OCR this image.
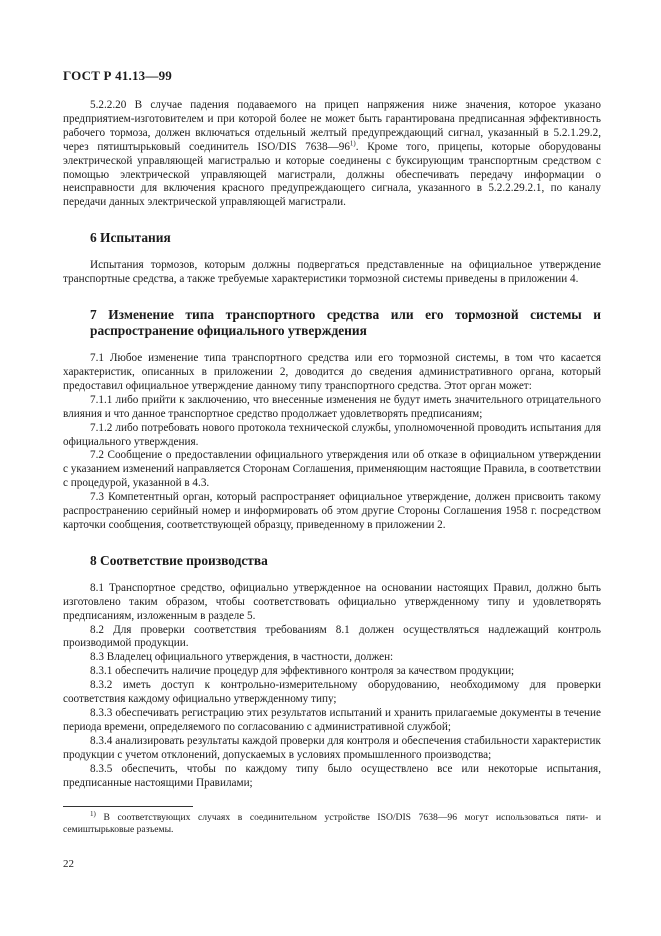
ГОСТ Р 41.13—99

5.2.2.20 В случае падения подаваемого на прицеп напряжения ниже значения, которое указано предприятием-изготовителем и при которой более не может быть гарантирована предписанная эффективность рабочего тормоза, должен включаться отдельный желтый предупреждающий сигнал, указанный в 5.2.1.29.2, через пятиштырьковый соединитель ISO/DIS 7638—96$^{1)}$. Кроме того, прицепы, которые оборудованы электрической управляющей магистралью и которые соединены с буксирующим транспортным средством с помощью электрической управляющей магистрали, должны обеспечивать передачу информации о неисправности для включения красного предупреждающего сигнала, указанного в 5.2.2.29.2.1, по каналу передачи данных электрической управляющей магистрали.

6 Испытания

Испытания тормозов, которым должны подвергаться представленные на официальное утверждение транспортные средства, а также требуемые характеристики тормозной системы приведены в приложении 4.

7 Изменение типа транспортного средства или его тормозной системы и распространение официального утверждения

7.1 Любое изменение типа транспортного средства или его тормозной системы, в том что касается характеристик, описанных в приложении 2, доводится до сведения административного органа, который предоставил официальное утверждение данному типу транспортного средства. Этот орган может:

7.1.1 либо прийти к заключению, что внесенные изменения не будут иметь значительного отрицательного влияния и что данное транспортное средство продолжает удовлетворять предписаниям;

7.1.2 либо потребовать нового протокола технической службы, уполномоченной проводить испытания для официального утверждения.

7.2 Сообщение о предоставлении официального утверждения или об отказе в официальном утверждении с указанием изменений направляется Сторонам Соглашения, применяющим настоящие Правила, в соответствии с процедурой, указанной в 4.3.

7.3 Компетентный орган, который распространяет официальное утверждение, должен присвоить такому распространению серийный номер и информировать об этом другие Стороны Соглашения 1958 г. посредством карточки сообщения, соответствующей образцу, приведенному в приложении 2.

8 Соответствие производства

8.1 Транспортное средство, официально утвержденное на основании настоящих Правил, должно быть изготовлено таким образом, чтобы соответствовать официально утвержденному типу и удовлетворять предписаниям, изложенным в разделе 5.

8.2 Для проверки соответствия требованиям 8.1 должен осуществляться надлежащий контроль производимой продукции.

8.3 Владелец официального утверждения, в частности, должен:

8.3.1 обеспечить наличие процедур для эффективного контроля за качеством продукции;

8.3.2 иметь доступ к контрольно-измерительному оборудованию, необходимому для проверки соответствия каждому официально утвержденному типу;

8.3.3 обеспечивать регистрацию этих результатов испытаний и хранить прилагаемые документы в течение периода времени, определяемого по согласованию с административной службой;

8.3.4 анализировать результаты каждой проверки для контроля и обеспечения стабильности характеристик продукции с учетом отклонений, допускаемых в условиях промышленного производства;

8.3.5 обеспечить, чтобы по каждому типу было осуществлено все или некоторые испытания, предписанные настоящими Правилами;

$^{1)}$ В соответствующих случаях в соединительном устройстве ISO/DIS 7638—96 могут использоваться пяти- и семиштырьковые разъемы.

22
